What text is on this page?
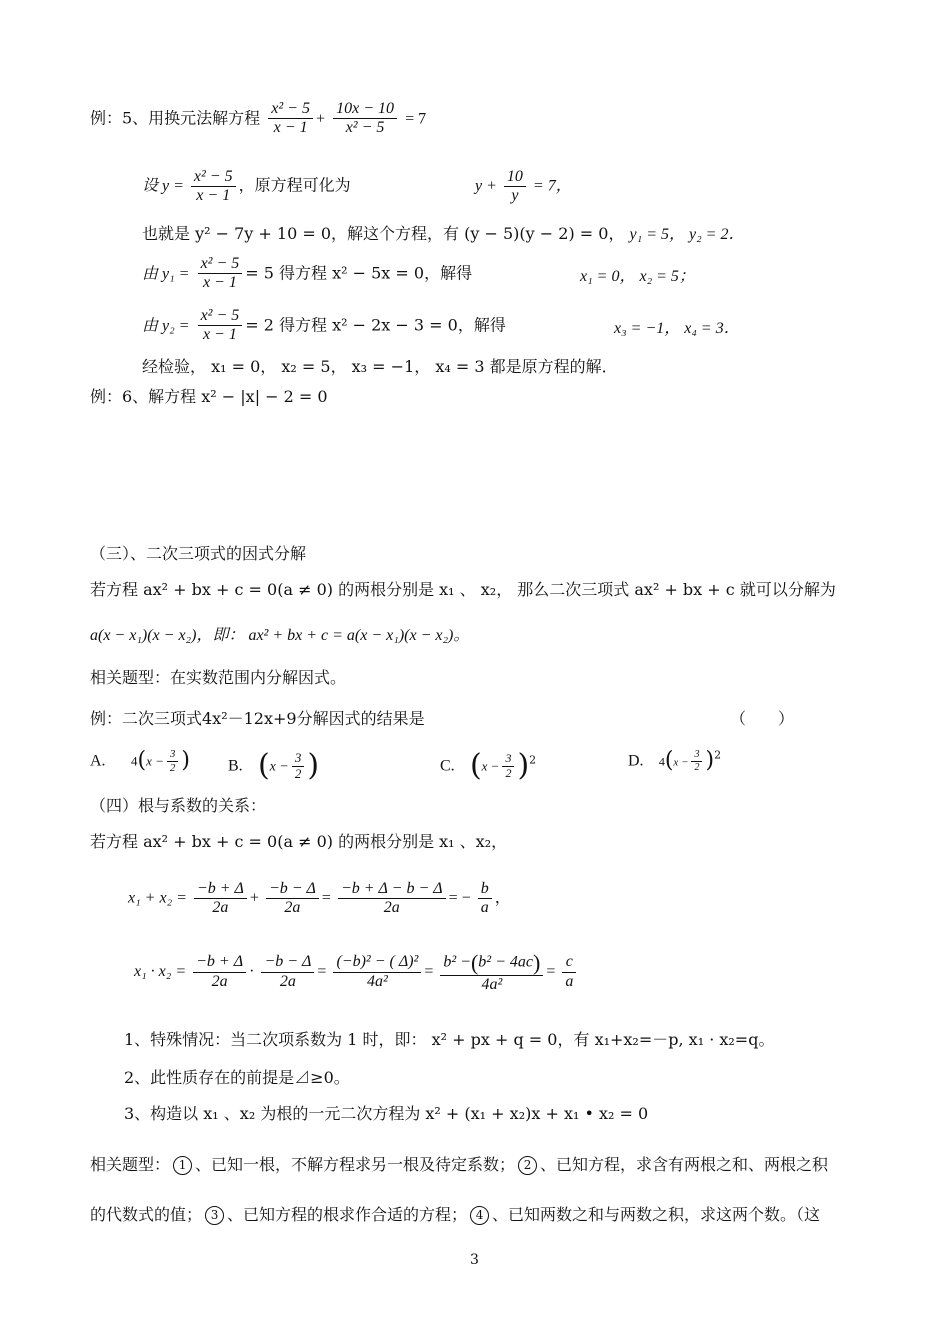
例：5、用换元法解方程 $\frac{\text{x² − 5}}{x - 1} + \frac{10x - 10}{\text{x² − 5}} = 7$
设 $y = \frac{\text{x² − 5}}{x - 1}$ ，原方程可化为	$y + \frac{10}{y} = 7$，
也就是 y² − 7y + 10 = 0，解这个方程，有 (y − 5)(y − 2) = 0， y₁ = 5， y₂ = 2．
由 $y_1 = \frac{\text{x² − 5}}{x - 1} = 5$ 得方程 x² − 5x = 0，解得	x₁ = 0， x₂ = 5；
由 $y_2 = \frac{\text{x² − 5}}{x - 1} = 2$ 得方程 x² − 2x − 3 = 0，解得	x₃ = −1， x₄ = 3．
经检验， x₁ = 0， x₂ = 5， x₃ = −1， x₄ = 3 都是原方程的解．
例：6、解方程 x² − |x| − 2 = 0
（三）、二次三项式的因式分解
若方程 ax² + bx + c = 0(a ≠ 0) 的两根分别是 x₁ 、 x₂， 那么二次三项式 ax² + bx + c 就可以分解为
a(x − x₁)(x − x₂)，即： ax² + bx + c = a(x − x₁)(x − x₂)。
相关题型：在实数范围内分解因式。
例：二次三项式4x²－12x+9分解因式的结果是	（　　）
A. $4(x - \frac{3}{2}$ ) B. ($x - \frac{3}{2}$ )	C. $(x - \frac{3}{2} )^2$	D. $4(x - \frac{3}{2} )^2$
（四）根与系数的关系：
若方程 ax² + bx + c = 0(a ≠ 0) 的两根分别是 x₁ 、x₂，
$x_1 + x_2 = \frac{-b + \Delta}{2a} + \frac{-b - \Delta}{2a} = \frac{-b + \Delta - b - \Delta}{2a}$ = − $\frac{b}{a}$ ，
$x_1 \cdot x_2 = \frac{-b + \Delta}{2a} \cdot \frac{-b - \Delta}{2a} = \frac{\text{(−b)² − ( Δ)²}}{\text{4a²}} = \frac{\text{b² −(b² − 4ac)}}{\text{4a²}} = \frac{c}{a}$
1、特殊情况：当二次项系数为 1 时，即： x² + px + q = 0，有 x₁+x₂=－p, x₁ · x₂=q。
2、此性质存在的前提是⊿≥0。
3、构造以 x₁ 、x₂ 为根的一元二次方程为 x² + (x₁ + x₂)x + x₁ • x₂ = 0
相关题型： 1 、已知一根，不解方程求另一根及待定系数； 2 、已知方程，求含有两根之和、两根之积
的代数式的值； 3 、已知方程的根求作合适的方程； 4 、已知两数之和与两数之积，求这两个数。（这
3
